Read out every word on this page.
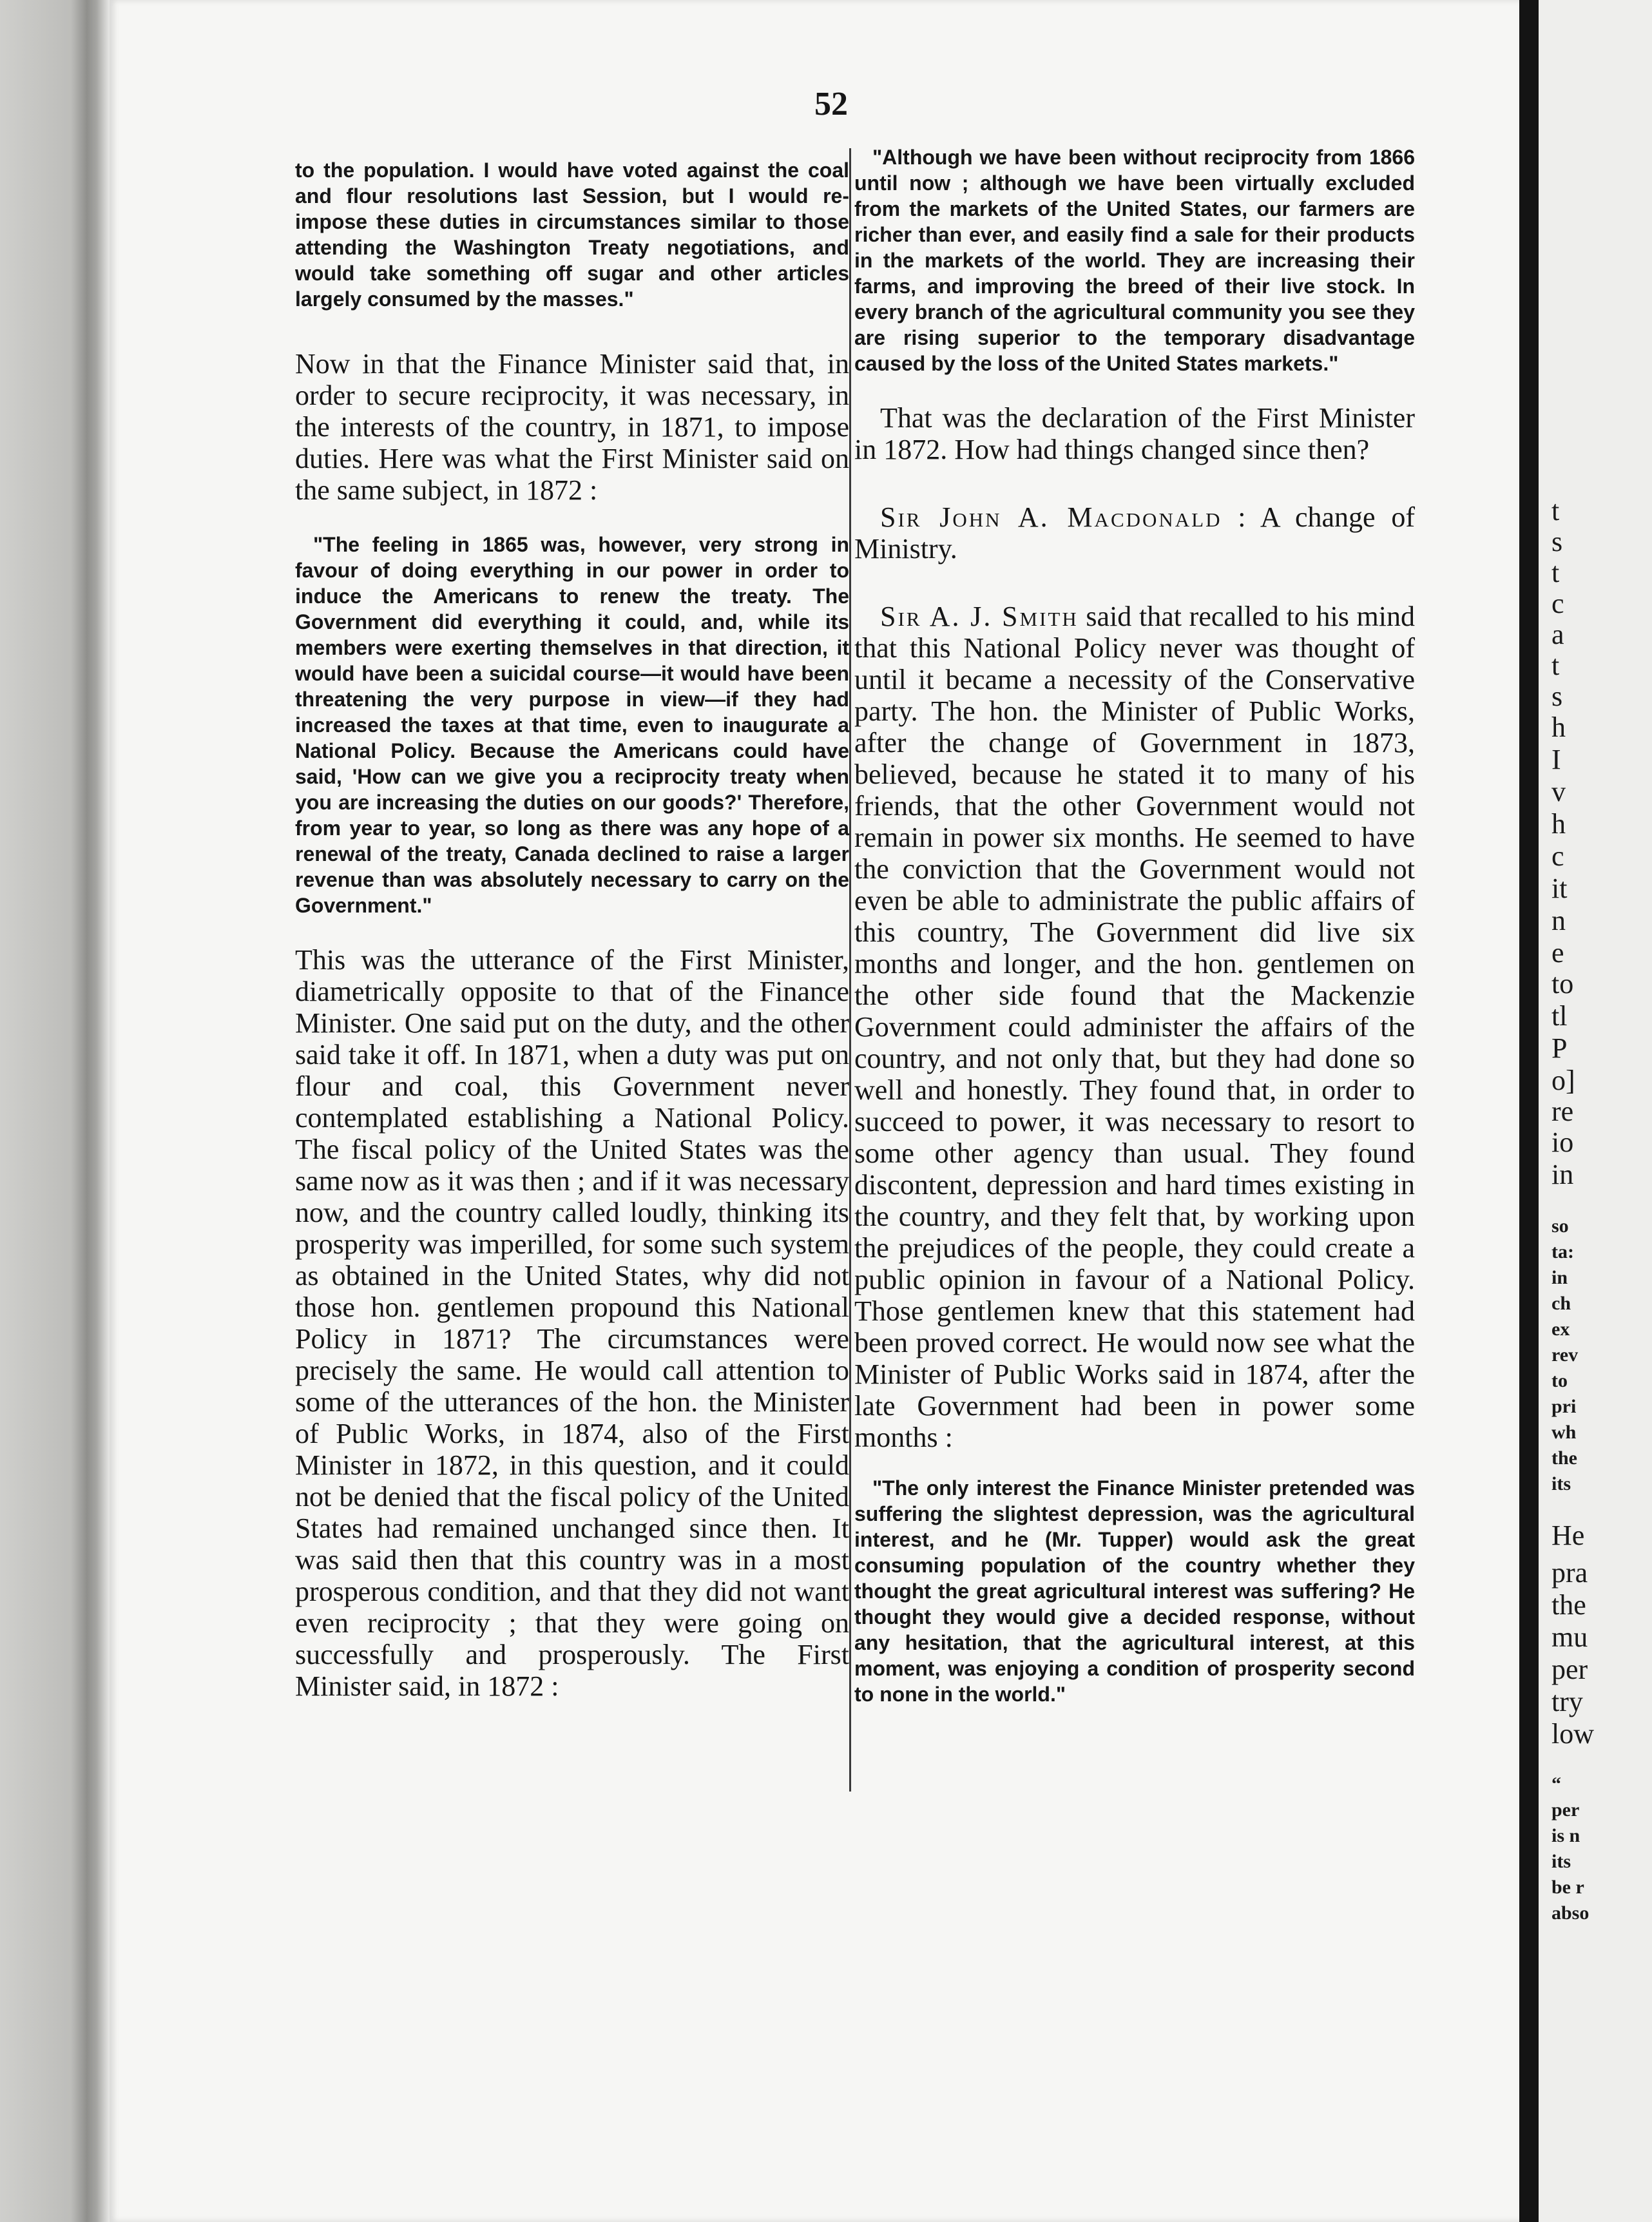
t
s
t
c
a
t
s
h
I
v
h
c
it
n
e
to
tl
P
o]
re
io
in
so
ta:
in
ch
ex
rev
to
pri
wh
the
its
He
pra
the
mu
per
try
low
“
per
is n
its
be r
abso
52

to the population. I would have voted against the coal and flour resolutions last Session, but I would re-impose these duties in circumstances similar to those attending the Washington Treaty negotiations, and would take something off sugar and other articles largely consumed by the masses."

Now in that the Finance Minister said that, in order to secure reciprocity, it was necessary, in the interests of the country, in 1871, to impose duties. Here was what the First Minister said on the same subject, in 1872 :

"The feeling in 1865 was, however, very strong in favour of doing everything in our power in order to induce the Americans to renew the treaty. The Government did everything it could, and, while its members were exerting themselves in that direction, it would have been a suicidal course—it would have been threatening the very purpose in view—if they had increased the taxes at that time, even to inaugurate a National Policy. Because the Americans could have said, 'How can we give you a reciprocity treaty when you are increasing the duties on our goods?' Therefore, from year to year, so long as there was any hope of a renewal of the treaty, Canada declined to raise a larger revenue than was absolutely necessary to carry on the Government."

This was the utterance of the First Minister, diametrically opposite to that of the Finance Minister. One said put on the duty, and the other said take it off. In 1871, when a duty was put on flour and coal, this Government never contemplated establishing a National Policy. The fiscal policy of the United States was the same now as it was then ; and if it was necessary now, and the country called loudly, thinking its prosperity was imperilled, for some such system as obtained in the United States, why did not those hon. gentlemen propound this National Policy in 1871? The circumstances were precisely the same. He would call attention to some of the utterances of the hon. the Minister of Public Works, in 1874, also of the First Minister in 1872, in this question, and it could not be denied that the fiscal policy of the United States had remained unchanged since then. It was said then that this country was in a most prosperous condition, and that they did not want even reciprocity ; that they were going on successfully and prosperously. The First Minister said, in 1872 :

"Although we have been without reciprocity from 1866 until now ; although we have been virtually excluded from the markets of the United States, our farmers are richer than ever, and easily find a sale for their products in the markets of the world. They are increasing their farms, and improving the breed of their live stock. In every branch of the agricultural community you see they are rising superior to the temporary disadvantage caused by the loss of the United States markets."

That was the declaration of the First Minister in 1872. How had things changed since then?

Sir John A. Macdonald : A change of Ministry.

Sir A. J. Smith said that recalled to his mind that this National Policy never was thought of until it became a necessity of the Conservative party. The hon. the Minister of Public Works, after the change of Government in 1873, believed, because he stated it to many of his friends, that the other Government would not remain in power six months. He seemed to have the conviction that the Government would not even be able to administrate the public affairs of this country, The Government did live six months and longer, and the hon. gentlemen on the other side found that the Mackenzie Government could administer the affairs of the country, and not only that, but they had done so well and honestly. They found that, in order to succeed to power, it was necessary to resort to some other agency than usual. They found discontent, depression and hard times existing in the country, and they felt that, by working upon the prejudices of the people, they could create a public opinion in favour of a National Policy. Those gentlemen knew that this statement had been proved correct. He would now see what the Minister of Public Works said in 1874, after the late Government had been in power some months :

"The only interest the Finance Minister pretended was suffering the slightest depression, was the agricultural interest, and he (Mr. Tupper) would ask the great consuming population of the country whether they thought the great agricultural interest was suffering? He thought they would give a decided response, without any hesitation, that the agricultural interest, at this moment, was enjoying a condition of prosperity second to none in the world."
